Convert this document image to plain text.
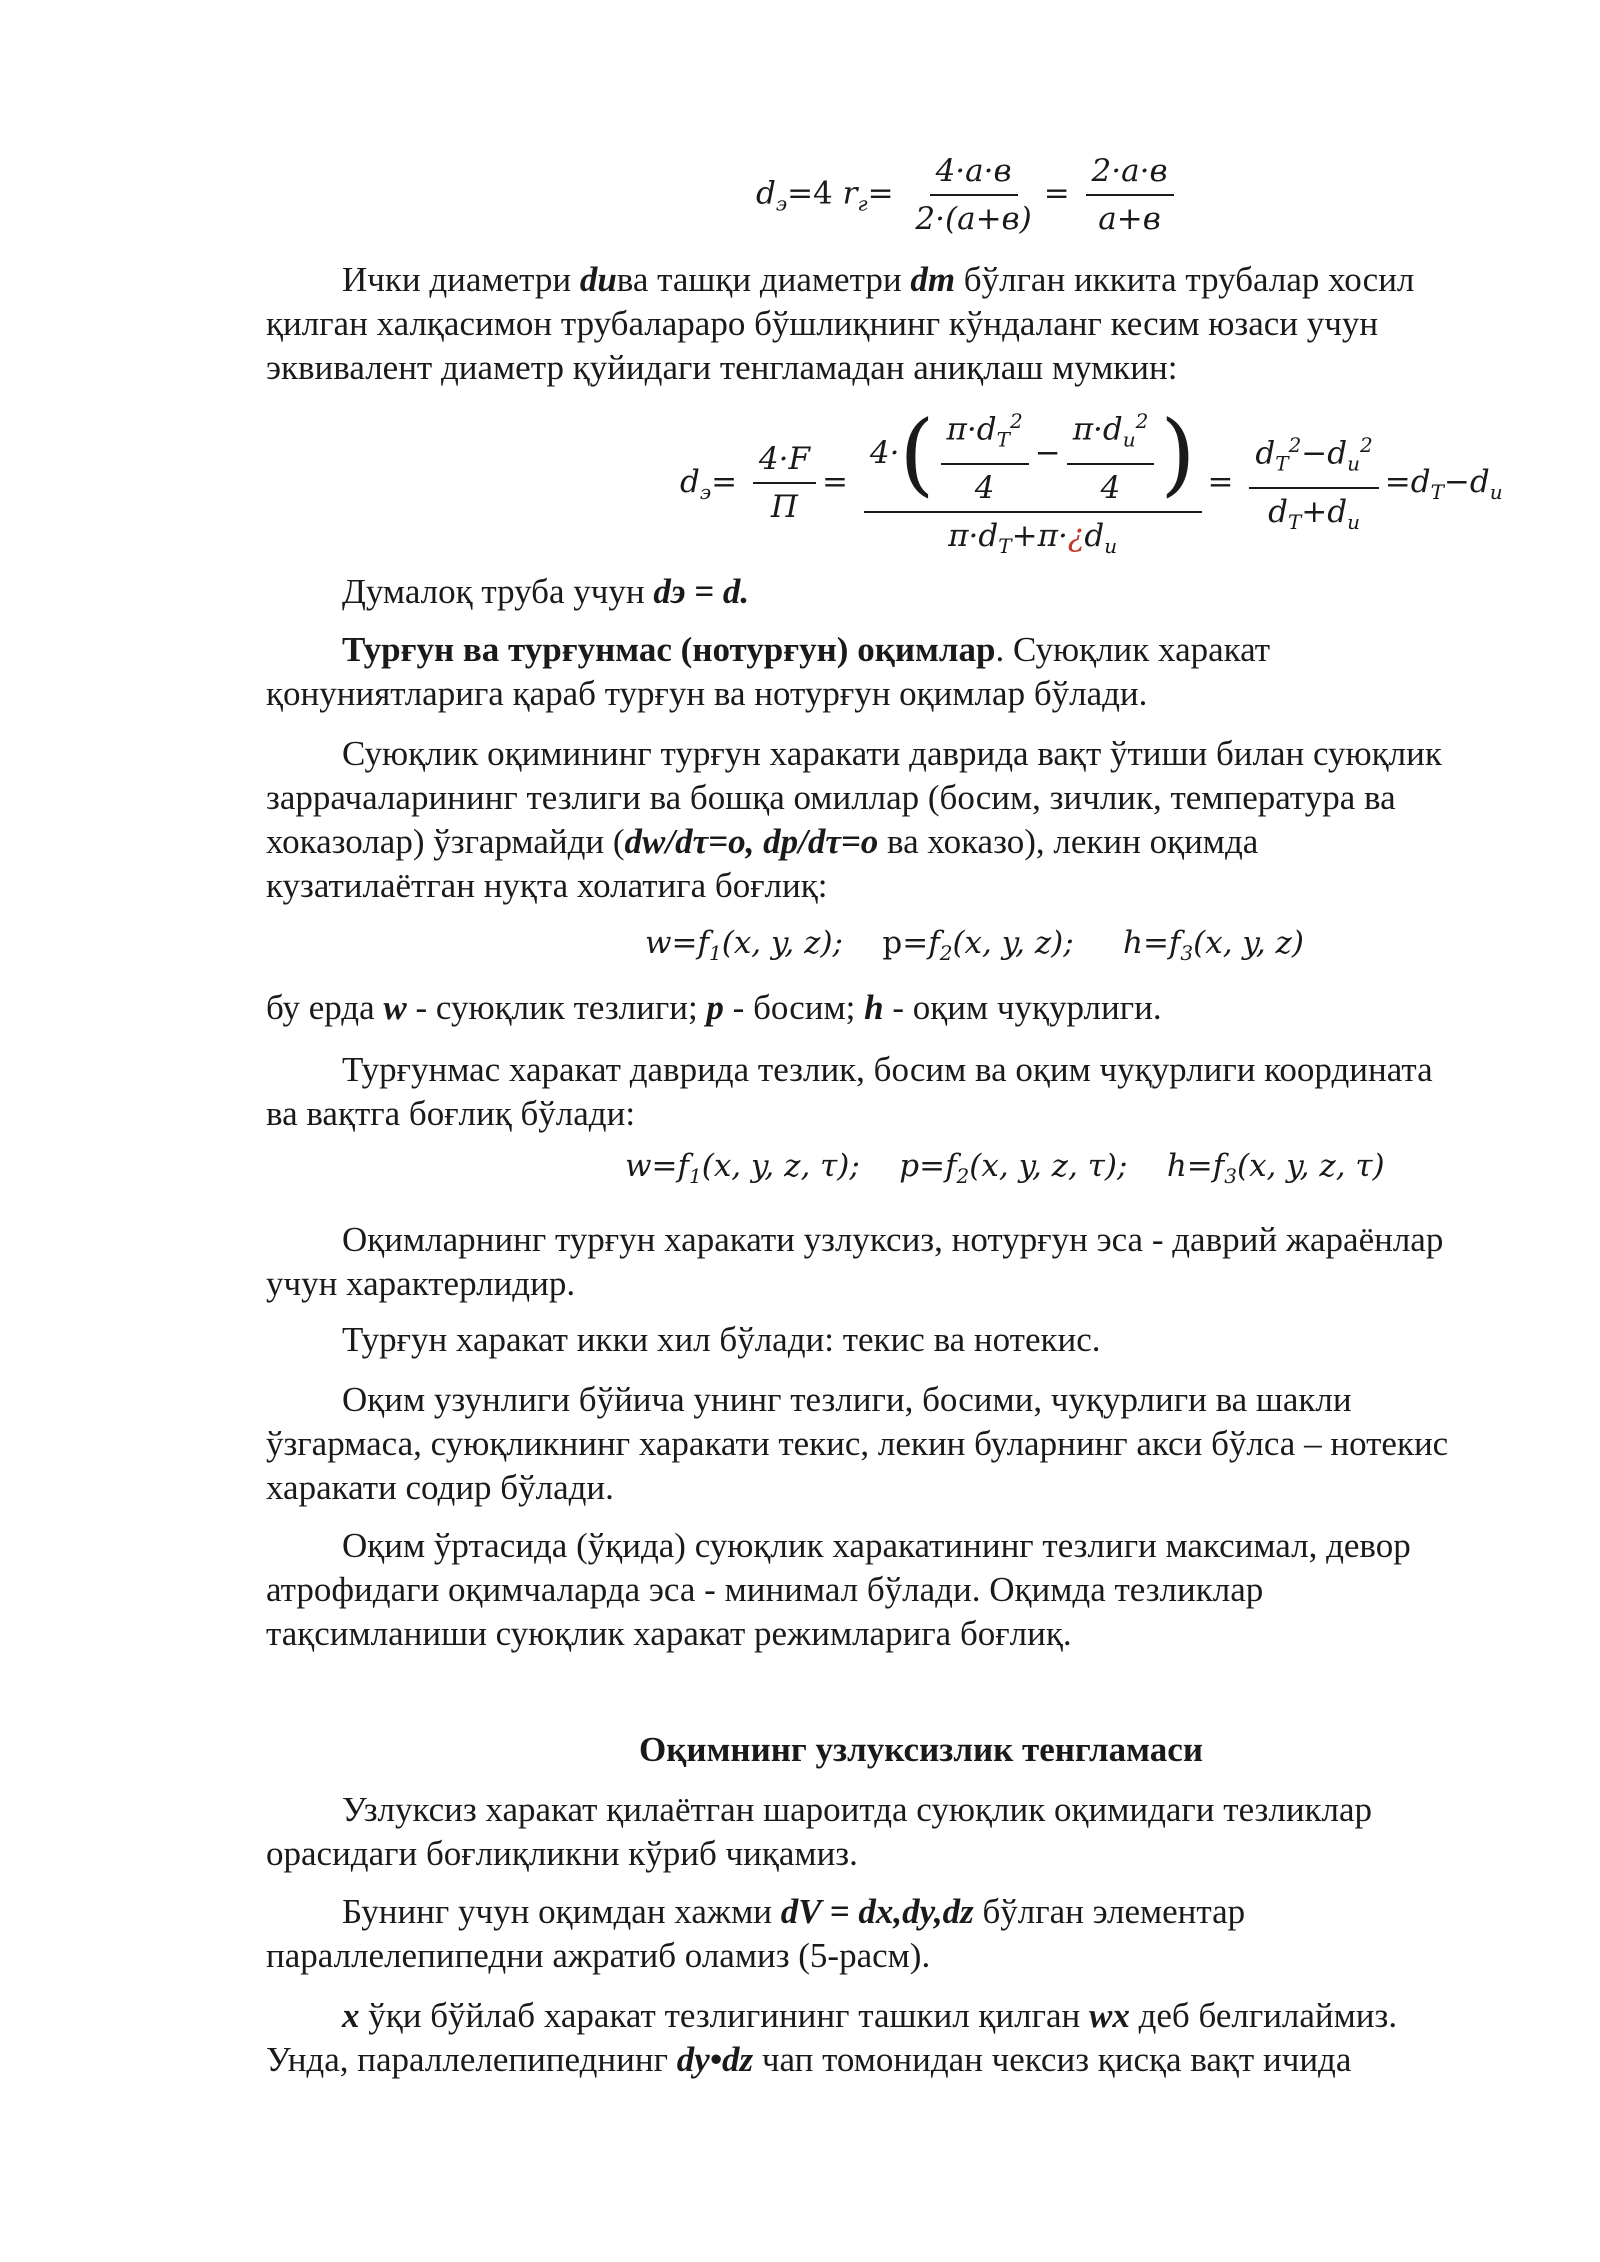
$d_э=4$ $r_г= \frac{4\cdot a\cdot в}{2\cdot(a+в)} = \frac{2\cdot a\cdot в}{a+в}$

Ички диаметри dива ташқи диаметри dт бўлган иккита трубалар хосил қилган халқасимон трубалараро бўшлиқнинг кўндаланг кесим юзаси учун эквивалент диаметр қуйидаги тенгламадан аниқлаш мумкин:

$d_э= \frac{4\cdot F}{П} = \frac{4\cdot( \frac{\pi\cdot d_T^2}{4} - \frac{\pi\cdot d_и^2}{4} )}{\pi\cdot d_T+\pi\cdot¿d_и} = \frac{d_T^2-d_и^2}{d_T+d_и} =d_T-d_и$

Думалоқ труба учун dэ = d.

Турғун ва турғунмас (нотурғун) оқимлар. Суюқлик харакат қонуниятларига қараб турғун ва нотурғун оқимлар бўлади.

Суюқлик оқимининг турғун харакати даврида вақт ўтиши билан суюқлик заррачаларининг тезлиги ва бошқа омиллар (босим, зичлик, температура ва хоказолар) ўзгармайди (dw/dτ=o, dp/dτ=o ва хоказо), лекин оқимда кузатилаётган нуқта холатига боғлиқ:

$w=f_1(x$, y, z);    $p=f_2(x$, y, z);     $h=f_3(x$, y, z)

бу ерда w - суюқлик тезлиги; p - босим; h - оқим чуқурлиги.

Турғунмас харакат даврида тезлик, босим ва оқим чуқурлиги координата ва вақтга боғлиқ бўлади:

$w=f_1(x$, y, z, τ);    $p=f_2(x$, y, z, τ);    $h=f_3(x$, y, z, τ)

Оқимларнинг турғун харакати узлуксиз, нотурғун эса - даврий жараёнлар учун характерлидир.

Турғун харакат икки хил бўлади: текис ва нотекис.

Оқим узунлиги бўйича унинг тезлиги, босими, чуқурлиги ва шакли ўзгармаса, суюқликнинг харакати текис, лекин буларнинг акси бўлса – нотекис харакати содир бўлади.

Оқим ўртасида (ўқида) суюқлик харакатининг тезлиги максимал, девор атрофидаги оқимчаларда эса - минимал бўлади. Оқимда тезликлар тақсимланиши суюқлик харакат режимларига боғлиқ.

Оқимнинг узлуксизлик тенгламаси

Узлуксиз харакат қилаётган шароитда суюқлик оқимидаги тезликлар орасидаги боғлиқликни кўриб чиқамиз.

Бунинг учун оқимдан хажми dV = dx,dy,dz бўлган элементар параллелепипедни ажратиб оламиз (5-расм).

x ўқи бўйлаб харакат тезлигининг ташкил қилган wх деб белгилаймиз. Унда, параллелепипеднинг dy•dz чап томонидан чексиз қисқа вақт ичида
